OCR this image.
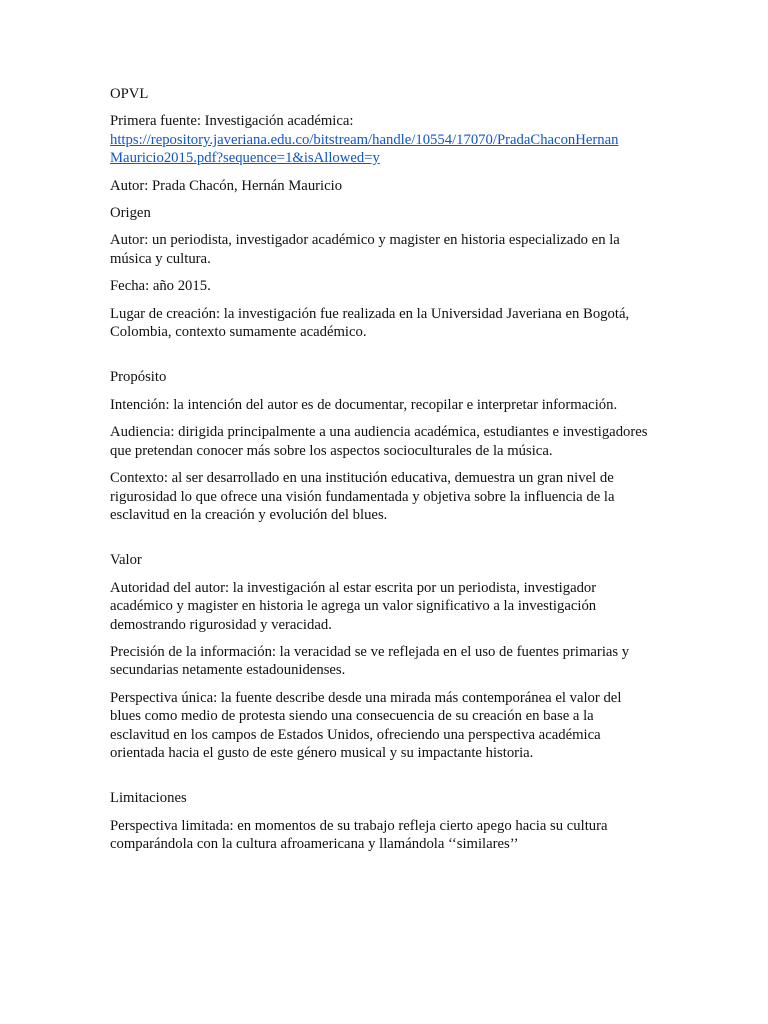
OPVL

Primera fuente: Investigación académica:
https://repository.javeriana.edu.co/bitstream/handle/10554/17070/PradaChaconHernan
Mauricio2015.pdf?sequence=1&isAllowed=y

Autor: Prada Chacón, Hernán Mauricio

Origen

Autor: un periodista, investigador académico y magister en historia especializado en la música y cultura.

Fecha: año 2015.

Lugar de creación: la investigación fue realizada en la Universidad Javeriana en Bogotá, Colombia, contexto sumamente académico.

Propósito

Intención: la intención del autor es de documentar, recopilar e interpretar información.

Audiencia: dirigida principalmente a una audiencia académica, estudiantes e investigadores que pretendan conocer más sobre los aspectos socioculturales de la música.

Contexto: al ser desarrollado en una institución educativa, demuestra un gran nivel de rigurosidad lo que ofrece una visión fundamentada y objetiva sobre la influencia de la esclavitud en la creación y evolución del blues.

Valor

Autoridad del autor: la investigación al estar escrita por un periodista, investigador académico y magister en historia le agrega un valor significativo a la investigación demostrando rigurosidad y veracidad.

Precisión de la información: la veracidad se ve reflejada en el uso de fuentes primarias y secundarias netamente estadounidenses.

Perspectiva única: la fuente describe desde una mirada más contemporánea el valor del blues como medio de protesta siendo una consecuencia de su creación en base a la esclavitud en los campos de Estados Unidos, ofreciendo una perspectiva académica orientada hacia el gusto de este género musical y su impactante historia.

Limitaciones

Perspectiva limitada: en momentos de su trabajo refleja cierto apego hacia su cultura comparándola con la cultura afroamericana y llamándola ‘‘similares’’
